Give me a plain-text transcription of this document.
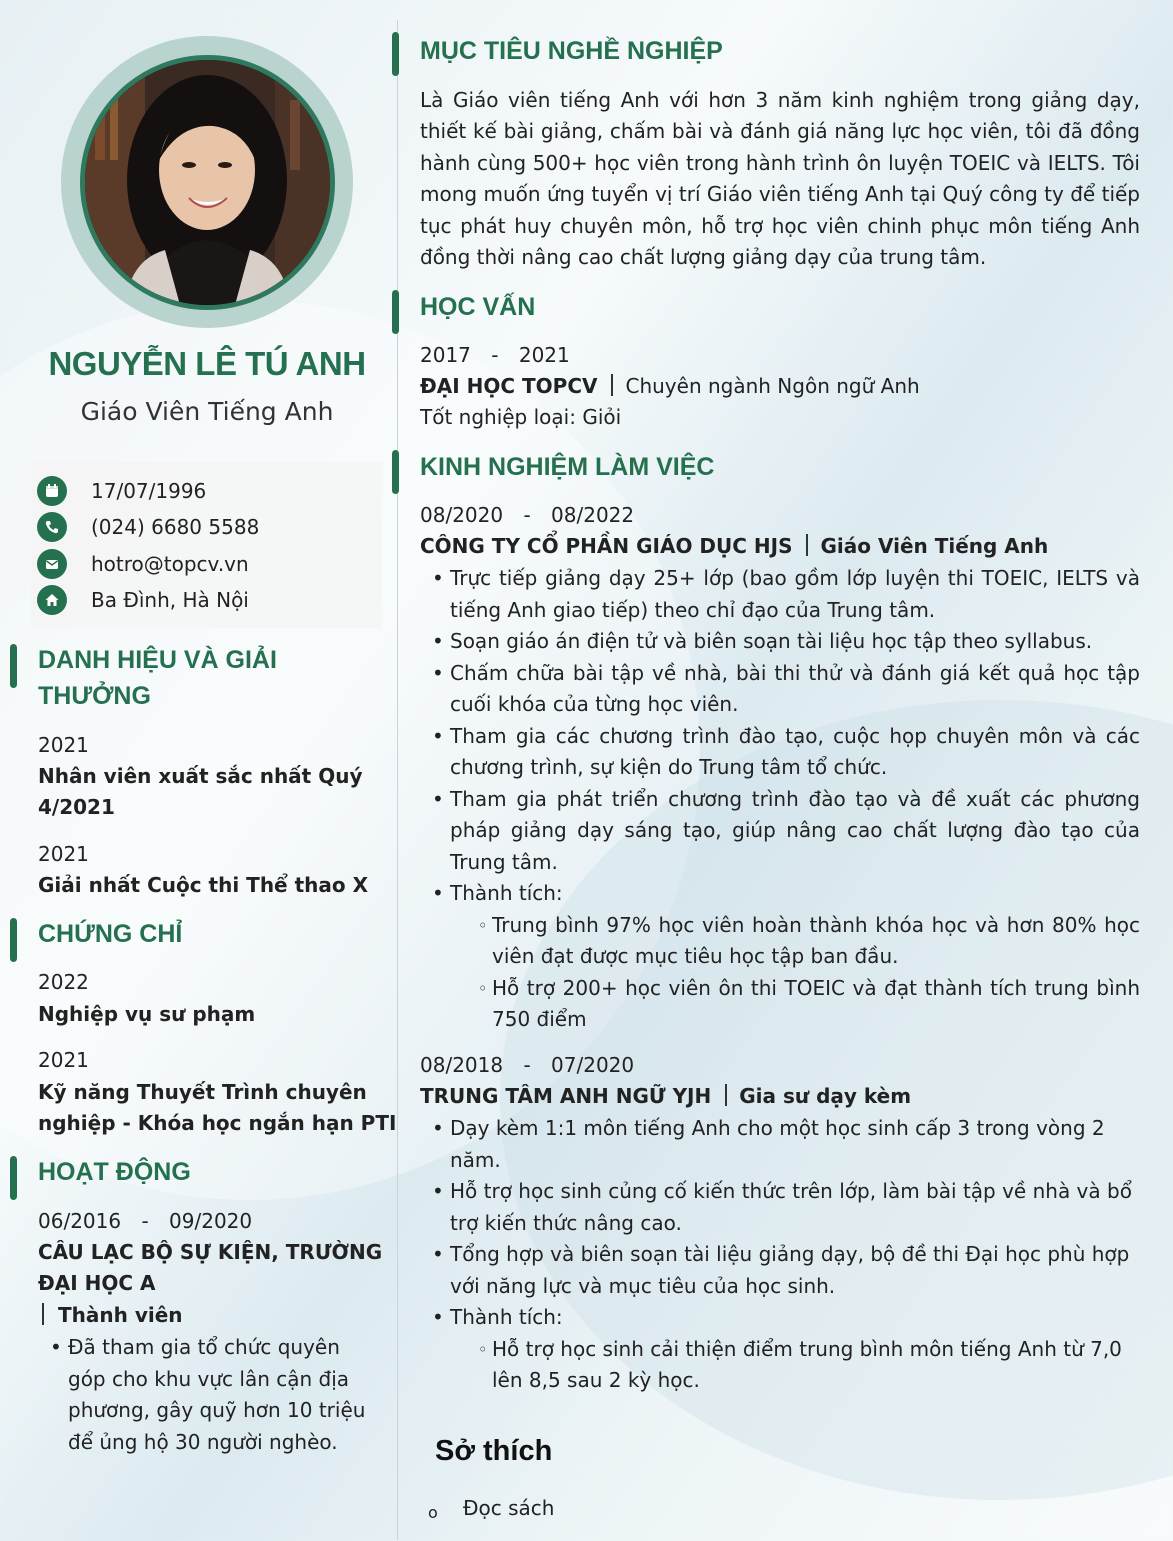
NGUYỄN LÊ TÚ ANH
Giáo Viên Tiếng Anh
17/07/1996
(024) 6680 5588
hotro@topcv.vn
Ba Đình, Hà Nội
DANH HIỆU VÀ GIẢI
THƯỞNG
2021
Nhân viên xuất sắc nhất Quý
4/2021
2021
Giải nhất Cuộc thi Thể thao X
CHỨNG CHỈ
2022
Nghiệp vụ sư phạm
2021
Kỹ năng Thuyết Trình chuyên
nghiệp - Khóa học ngắn hạn PTI
HOẠT ĐỘNG
06/2016 - 09/2020
CÂU LẠC BỘ SỰ KIỆN, TRƯỜNG
ĐẠI HỌC A
Thành viên
• Đã tham gia tổ chức quyên góp cho khu vực lân cận địa phương, gây quỹ hơn 10 triệu để ủng hộ 30 người nghèo.
MỤC TIÊU NGHỀ NGHIỆP
Là Giáo viên tiếng Anh với hơn 3 năm kinh nghiệm trong giảng dạy, thiết kế bài giảng, chấm bài và đánh giá năng lực học viên, tôi đã đồng hành cùng 500+ học viên trong hành trình ôn luyện TOEIC và IELTS. Tôi mong muốn ứng tuyển vị trí Giáo viên tiếng Anh tại Quý công ty để tiếp tục phát huy chuyên môn, hỗ trợ học viên chinh phục môn tiếng Anh đồng thời nâng cao chất lượng giảng dạy của trung tâm.
HỌC VẤN
2017 - 2021
ĐẠI HỌC TOPCV Chuyên ngành Ngôn ngữ Anh
Tốt nghiệp loại: Giỏi
KINH NGHIỆM LÀM VIỆC
08/2020 - 08/2022
CÔNG TY CỔ PHẦN GIÁO DỤC HJS Giáo Viên Tiếng Anh
• Trực tiếp giảng dạy 25+ lớp (bao gồm lớp luyện thi TOEIC, IELTS và tiếng Anh giao tiếp) theo chỉ đạo của Trung tâm.
• Soạn giáo án điện tử và biên soạn tài liệu học tập theo syllabus.
• Chấm chữa bài tập về nhà, bài thi thử và đánh giá kết quả học tập cuối khóa của từng học viên.
• Tham gia các chương trình đào tạo, cuộc họp chuyên môn và các chương trình, sự kiện do Trung tâm tổ chức.
• Tham gia phát triển chương trình đào tạo và đề xuất các phương pháp giảng dạy sáng tạo, giúp nâng cao chất lượng đào tạo của Trung tâm.
• Thành tích:
◦ Trung bình 97% học viên hoàn thành khóa học và hơn 80% học viên đạt được mục tiêu học tập ban đầu.
◦ Hỗ trợ 200+ học viên ôn thi TOEIC và đạt thành tích trung bình 750 điểm
08/2018 - 07/2020
TRUNG TÂM ANH NGỮ YJH Gia sư dạy kèm
• Dạy kèm 1:1 môn tiếng Anh cho một học sinh cấp 3 trong vòng 2 năm.
• Hỗ trợ học sinh củng cố kiến thức trên lớp, làm bài tập về nhà và bổ trợ kiến thức nâng cao.
• Tổng hợp và biên soạn tài liệu giảng dạy, bộ đề thi Đại học phù hợp với năng lực và mục tiêu của học sinh.
• Thành tích:
◦ Hỗ trợ học sinh cải thiện điểm trung bình môn tiếng Anh từ 7,0 lên 8,5 sau 2 kỳ học.
Sở thích
o Đọc sách
